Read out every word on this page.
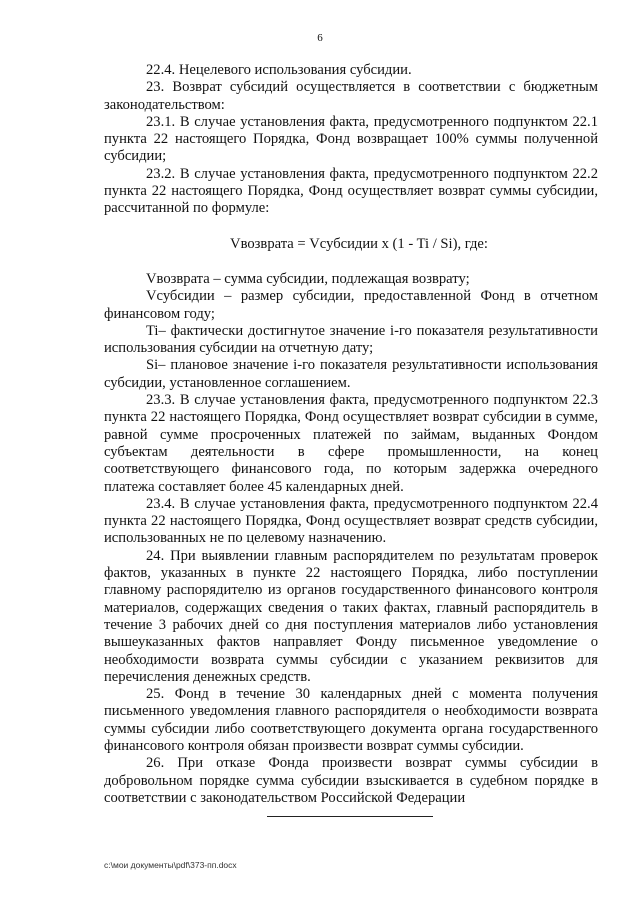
6

22.4. Нецелевого использования субсидии.

23. Возврат субсидий осуществляется в соответствии с бюджетным законодательством:

23.1. В случае установления факта, предусмотренного подпунктом 22.1 пункта 22 настоящего Порядка, Фонд возвращает 100% суммы полученной субсидии;

23.2. В случае установления факта, предусмотренного подпунктом 22.2 пункта 22 настоящего Порядка, Фонд осуществляет возврат суммы субсидии, рассчитанной по формуле:

Vвозврата = Vсубсидии x (1 - Ti / Si), где:

Vвозврата – сумма субсидии, подлежащая возврату;

Vсубсидии – размер субсидии, предоставленной Фонд в отчетном финансовом году;

Ti– фактически достигнутое значение i-го показателя результативности использования субсидии на отчетную дату;

Si– плановое значение i-го показателя результативности использования субсидии, установленное соглашением.

23.3. В случае установления факта, предусмотренного подпунктом 22.3 пункта 22 настоящего Порядка, Фонд осуществляет возврат субсидии в сумме, равной сумме просроченных платежей по займам, выданных Фондом субъектам деятельности в сфере промышленности, на конец соответствующего финансового года, по которым задержка очередного платежа составляет более 45 календарных дней.

23.4. В случае установления факта, предусмотренного подпунктом 22.4 пункта 22 настоящего Порядка, Фонд осуществляет возврат средств субсидии, использованных не по целевому назначению.

24. При выявлении главным распорядителем по результатам проверок фактов, указанных в пункте 22 настоящего Порядка, либо поступлении главному распорядителю из органов государственного финансового контроля материалов, содержащих сведения о таких фактах, главный распорядитель в течение 3 рабочих дней со дня поступления материалов либо установления вышеуказанных фактов направляет Фонду письменное уведомление о необходимости возврата суммы субсидии с указанием реквизитов для перечисления денежных средств.

25. Фонд в течение 30 календарных дней с момента получения письменного уведомления главного распорядителя о необходимости возврата суммы субсидии либо соответствующего документа органа государственного финансового контроля обязан произвести возврат суммы субсидии.

26. При отказе Фонда произвести возврат суммы субсидии в добровольном порядке сумма субсидии взыскивается в судебном порядке в соответствии с законодательством Российской Федерации

c:\мои документы\pdf\373-пп.docx
